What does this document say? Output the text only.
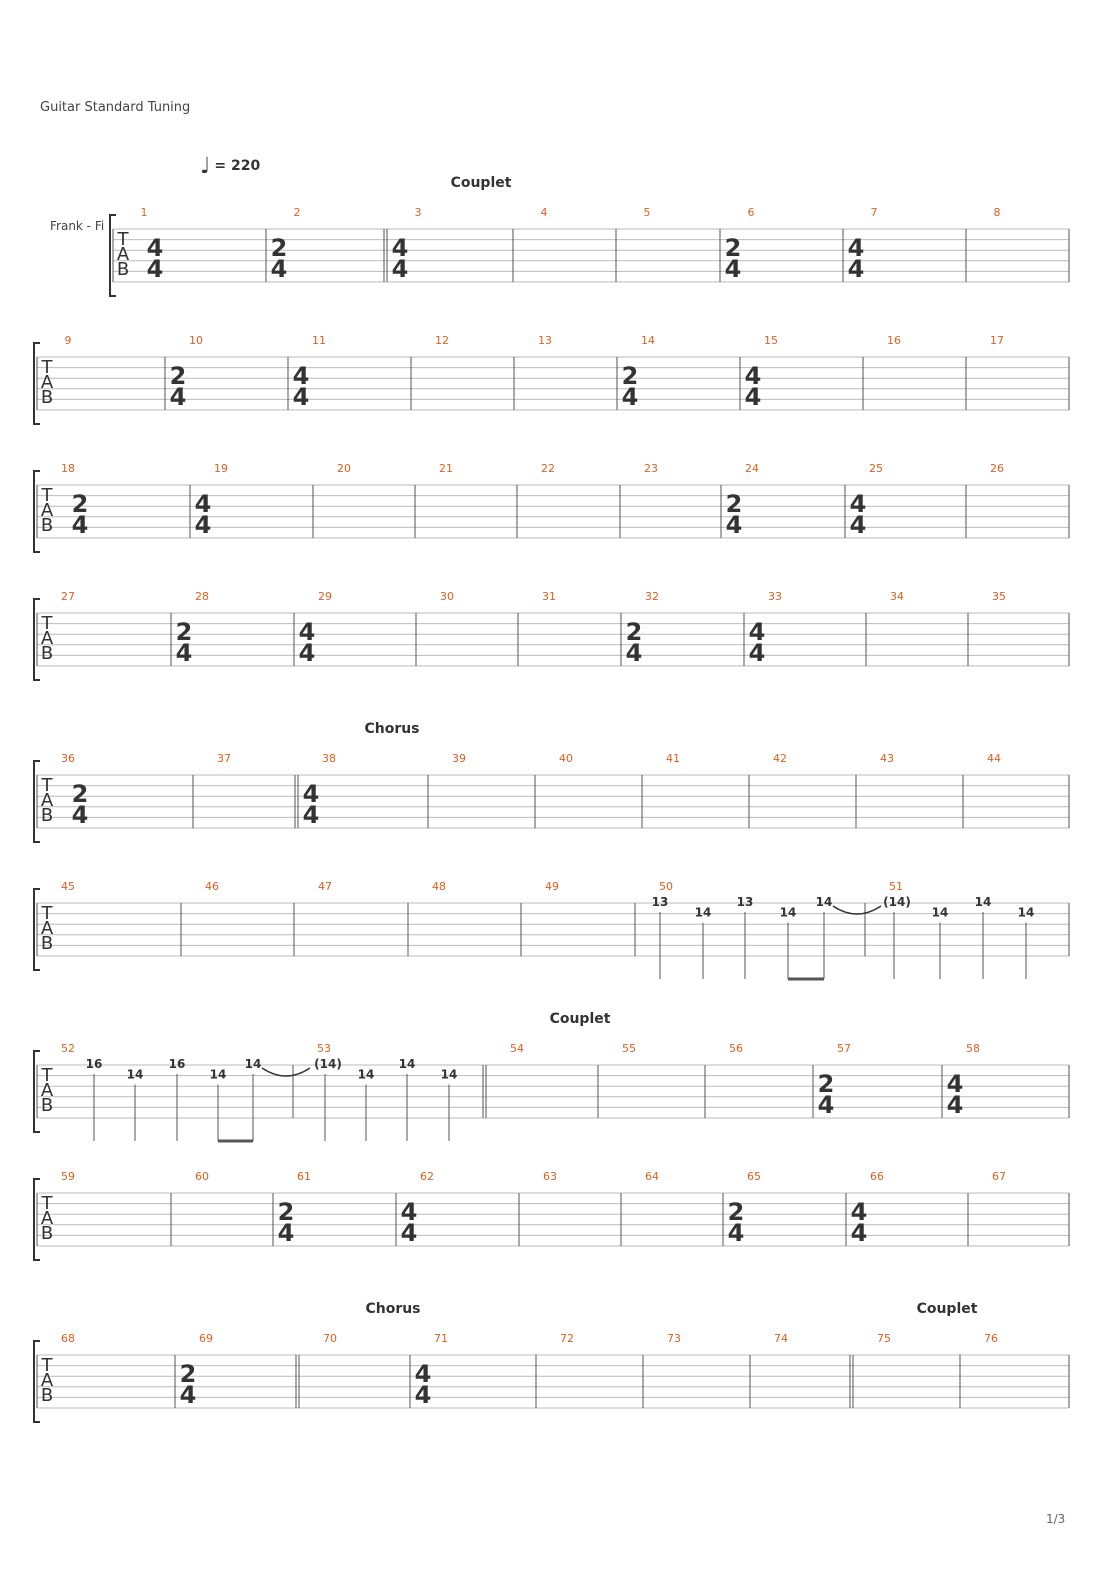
Guitar Standard Tuning
Frank - Fi
♩ = 220
1/3
T
A
B
1	2	3	4	5	6	7	8
Couplet
4
4
2
4
4
4
2
4
4
4
T
A
B
9	10	11	12	13	14	15	16	17
2
4
4
4
2
4
4
4
T
A
B
18	19	20	21	22	23	24	25	26
2
4
4
4
2
4
4
4
T
A
B
27	28	29	30	31	32	33	34	35
2
4
4
4
2
4
4
4
T
A
B
36	37	38	39	40	41	42	43	44
Chorus
2
4
4
4
T
A
B
45	46	47	48	49	50	51
T
A
B
52	53	54	55	56	57	58
Couplet
2
4
4
4
T
A
B
59	60	61	62	63	64	65	66	67
2
4
4
4
2
4
4
4
T
A
B
68	69	70	71	72	73	74	75	76
Chorus	Couplet
2
4
4
4
13
14
13
14
14	(14)
14
14
14
16
14
16
14
14	(14)
14
14
14
